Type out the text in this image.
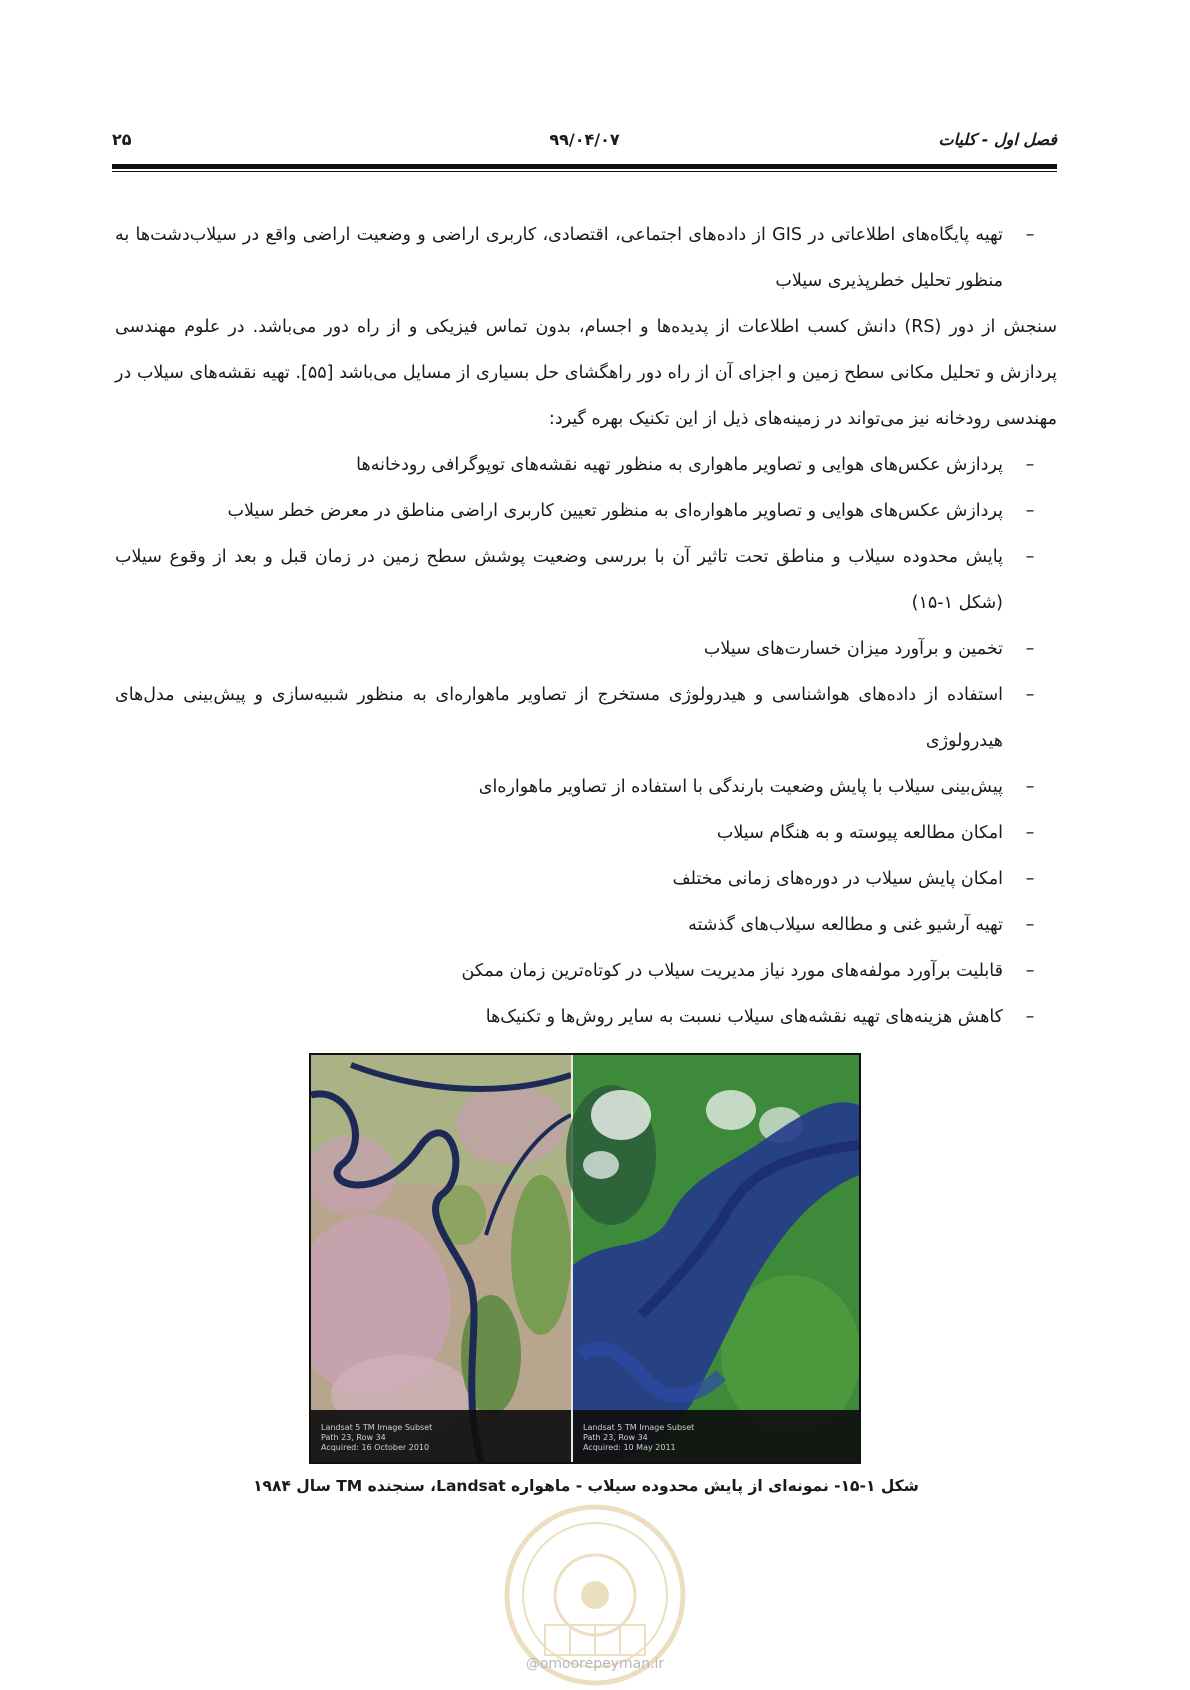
فصل اول - کلیات
۹۹/۰۴/۰۷
۲۵
–
تهیه پایگاه‌های اطلاعاتی در GIS از داده‌های اجتماعی، اقتصادی، کاربری اراضی و وضعیت اراضی واقع در سیلاب‌دشت‌ها به منظور تحلیل خطرپذیری سیلاب

سنجش از دور (RS) دانش کسب اطلاعات از پدیده‌ها و اجسام، بدون تماس فیزیکی و از راه دور می‌باشد. در علوم مهندسی پردازش و تحلیل مکانی سطح زمین و اجزای آن از راه دور راهگشای حل بسیاری از مسایل می‌باشد [۵۵]. تهیه نقشه‌های سیلاب در مهندسی رودخانه نیز می‌تواند در زمینه‌های ذیل از این تکنیک بهره گیرد:

–
پردازش عکس‌های هوایی و تصاویر ماهواری به منظور تهیه نقشه‌های توپوگرافی رودخانه‌ها
–
پردازش عکس‌های هوایی و تصاویر ماهواره‌ای به منظور تعیین کاربری اراضی مناطق در معرض خطر سیلاب
–
پایش محدوده سیلاب و مناطق تحت تاثیر آن با بررسی وضعیت پوشش سطح زمین در زمان قبل و بعد از وقوع سیلاب (شکل ۱-۱۵)
–
تخمین و برآورد میزان خسارت‌های سیلاب
–
استفاده از داده‌های هواشناسی و هیدرولوژی مستخرج از تصاویر ماهواره‌ای به منظور شبیه‌سازی و پیش‌بینی مدل‌های هیدرولوژی
–
پیش‌بینی سیلاب با پایش وضعیت بارندگی با استفاده از تصاویر ماهواره‌ای
–
امکان مطالعه پیوسته و به هنگام سیلاب
–
امکان پایش سیلاب در دوره‌های زمانی مختلف
–
تهیه آرشیو غنی و مطالعه سیلاب‌های گذشته
–
قابلیت برآورد مولفه‌های مورد نیاز مدیریت سیلاب در کوتاه‌ترین زمان ممکن
–
کاهش هزینه‌های تهیه نقشه‌های سیلاب نسبت به سایر روش‌ها و تکنیک‌ها
Landsat 5 TM Image Subset
Path 23, Row 34
Acquired: 16 October 2010
Landsat 5 TM Image Subset
Path 23, Row 34
Acquired: 10 May 2011
شکل ۱-۱۵- نمونه‌ای از پایش محدوده سیلاب - ماهواره Landsat، سنجنده TM سال ۱۹۸۴
@omoorepeyman.ir
